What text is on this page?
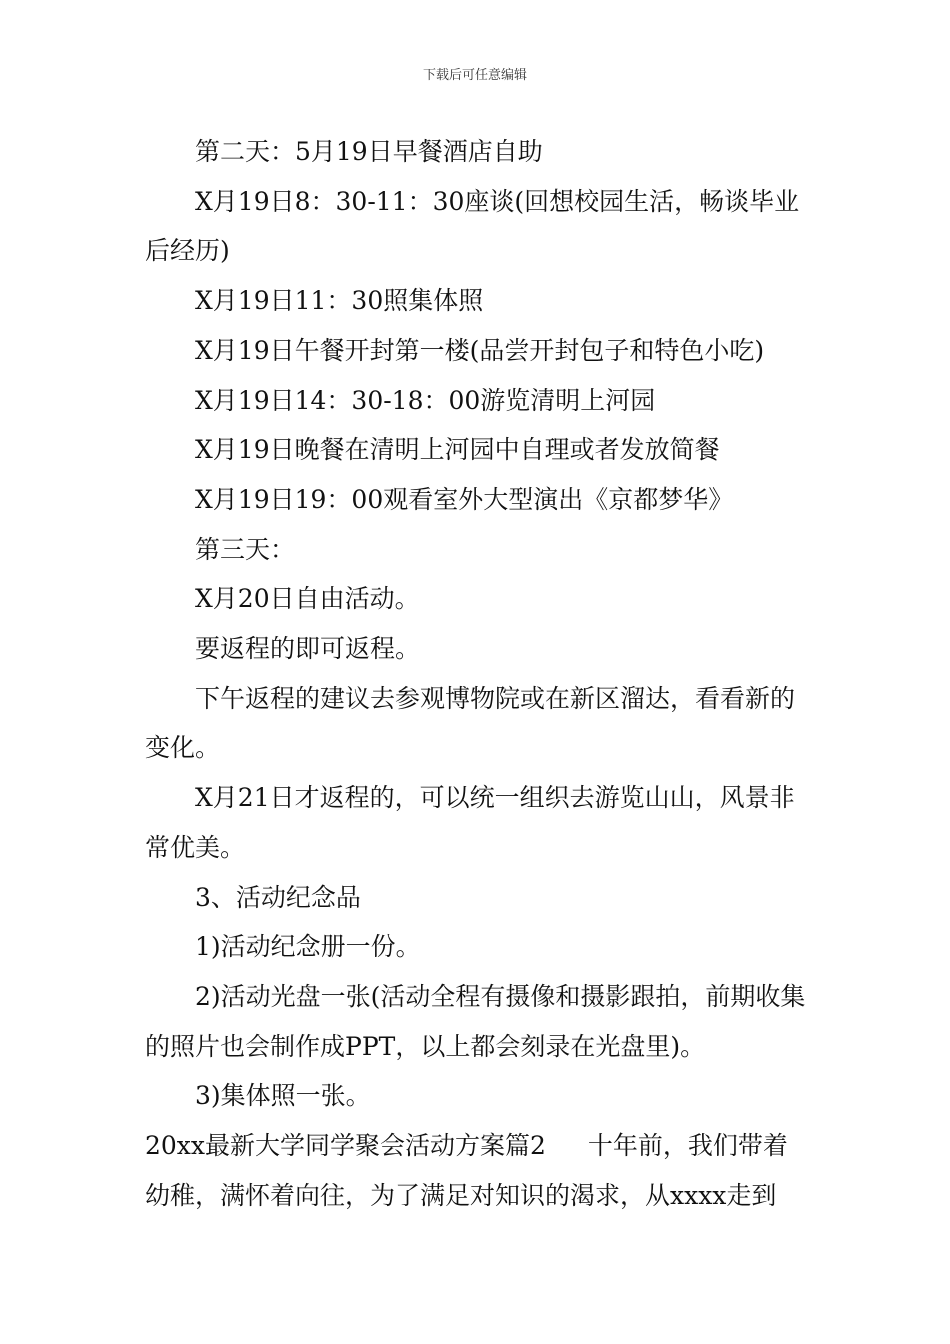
下载后可任意编辑

第二天：5月19日早餐酒店自助

X月19日8：30-11：30座谈(回想校园生活，畅谈毕业后经历)

X月19日11：30照集体照

X月19日午餐开封第一楼(品尝开封包子和特色小吃)

X月19日14：30-18：00游览清明上河园

X月19日晚餐在清明上河园中自理或者发放简餐

X月19日19：00观看室外大型演出《京都梦华》

第三天：

X月20日自由活动。

要返程的即可返程。

下午返程的建议去参观博物院或在新区溜达，看看新的变化。

X月21日才返程的，可以统一组织去游览山山，风景非常优美。

3、活动纪念品

1)活动纪念册一份。

2)活动光盘一张(活动全程有摄像和摄影跟拍，前期收集的照片也会制作成PPT，以上都会刻录在光盘里)。

3)集体照一张。

20xx最新大学同学聚会活动方案篇2 十年前，我们带着幼稚，满怀着向往，为了满足对知识的渴求，从xxxx走到
